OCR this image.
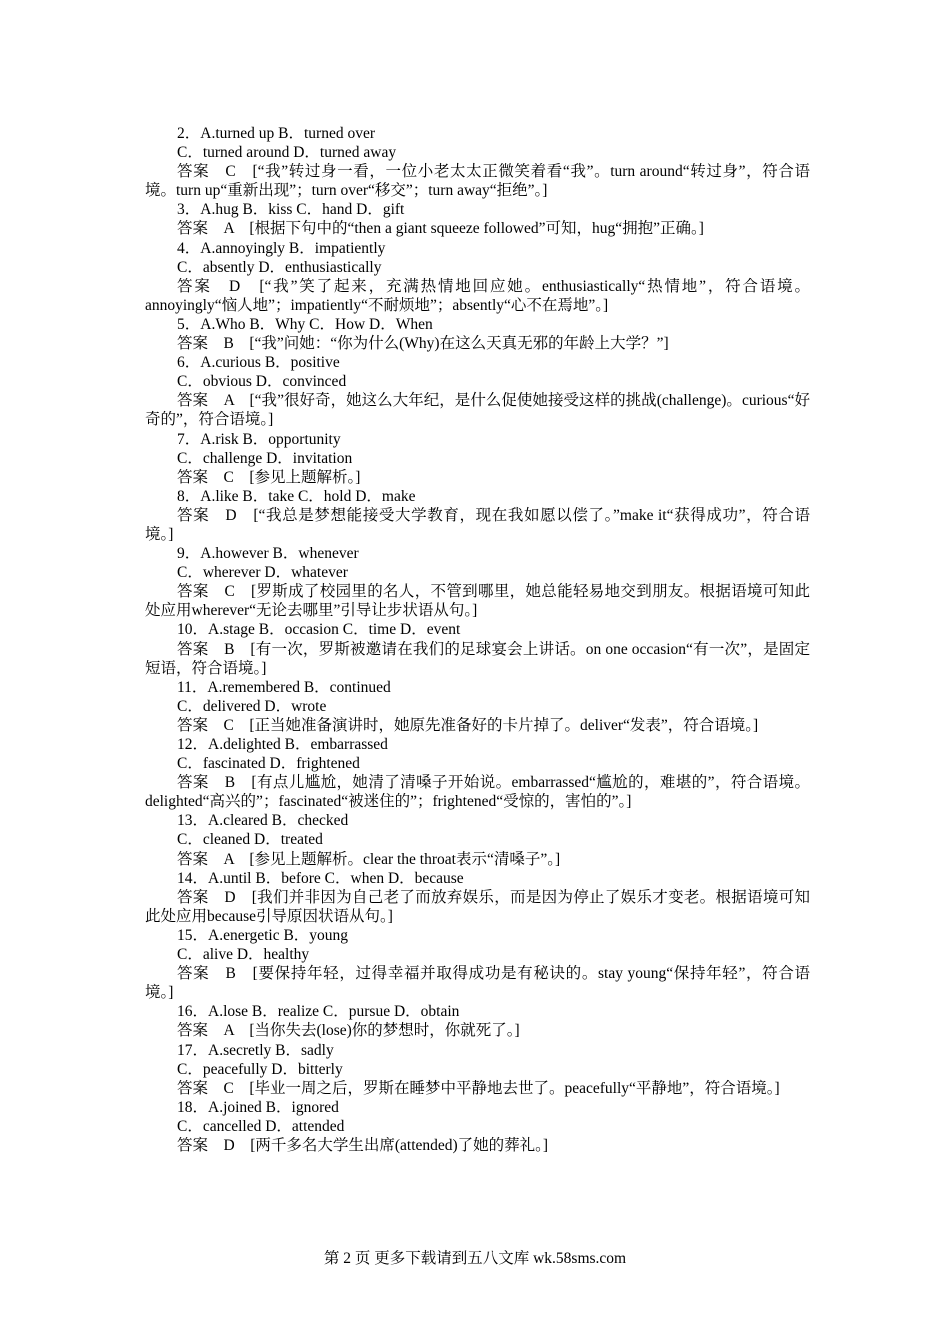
2．A.turned up B．turned over
C．turned around D．turned away
答案　C　[“我”转过身一看，一位小老太太正微笑着看“我”。turn around“转过身”，符合语境。turn up“重新出现”；turn over“移交”；turn away“拒绝”。]
3．A.hug B．kiss C．hand D．gift
答案　A　[根据下句中的“then a giant squeeze followed”可知，hug“拥抱”正确。]
4．A.annoyingly B．impatiently
C．absently D．enthusiastically
答案　D　[“我”笑了起来，充满热情地回应她。enthusiastically“热情地”，符合语境。annoyingly“恼人地”；impatiently“不耐烦地”；absently“心不在焉地”。]
5．A.Who B．Why C．How D．When
答案　B　[“我”问她：“你为什么(Why)在这么天真无邪的年龄上大学？”]
6．A.curious B．positive
C．obvious D．convinced
答案　A　[“我”很好奇，她这么大年纪，是什么促使她接受这样的挑战(challenge)。curious“好奇的”，符合语境。]
7．A.risk B．opportunity
C．challenge D．invitation
答案　C　[参见上题解析。]
8．A.like B．take C．hold D．make
答案　D　[“我总是梦想能接受大学教育，现在我如愿以偿了。”make it“获得成功”，符合语境。]
9．A.however B．whenever
C．wherever D．whatever
答案　C　[罗斯成了校园里的名人，不管到哪里，她总能轻易地交到朋友。根据语境可知此处应用wherever“无论去哪里”引导让步状语从句。]
10．A.stage B．occasion C．time D．event
答案　B　[有一次，罗斯被邀请在我们的足球宴会上讲话。on one occasion“有一次”，是固定短语，符合语境。]
11．A.remembered B．continued
C．delivered D．wrote
答案　C　[正当她准备演讲时，她原先准备好的卡片掉了。deliver“发表”，符合语境。]
12．A.delighted B．embarrassed
C．fascinated D．frightened
答案　B　[有点儿尴尬，她清了清嗓子开始说。embarrassed“尴尬的，难堪的”，符合语境。delighted“高兴的”；fascinated“被迷住的”；frightened“受惊的，害怕的”。]
13．A.cleared B．checked
C．cleaned D．treated
答案　A　[参见上题解析。clear the throat表示“清嗓子”。]
14．A.until B．before C．when D．because
答案　D　[我们并非因为自己老了而放弃娱乐，而是因为停止了娱乐才变老。根据语境可知此处应用because引导原因状语从句。]
15．A.energetic B．young
C．alive D．healthy
答案　B　[要保持年轻，过得幸福并取得成功是有秘诀的。stay young“保持年轻”，符合语境。]
16．A.lose B．realize C．pursue D．obtain
答案　A　[当你失去(lose)你的梦想时，你就死了。]
17．A.secretly B．sadly
C．peacefully D．bitterly
答案　C　[毕业一周之后，罗斯在睡梦中平静地去世了。peacefully“平静地”，符合语境。]
18．A.joined B．ignored
C．cancelled D．attended
答案　D　[两千多名大学生出席(attended)了她的葬礼。]
第 2 页 更多下载请到五八文库 wk.58sms.com
